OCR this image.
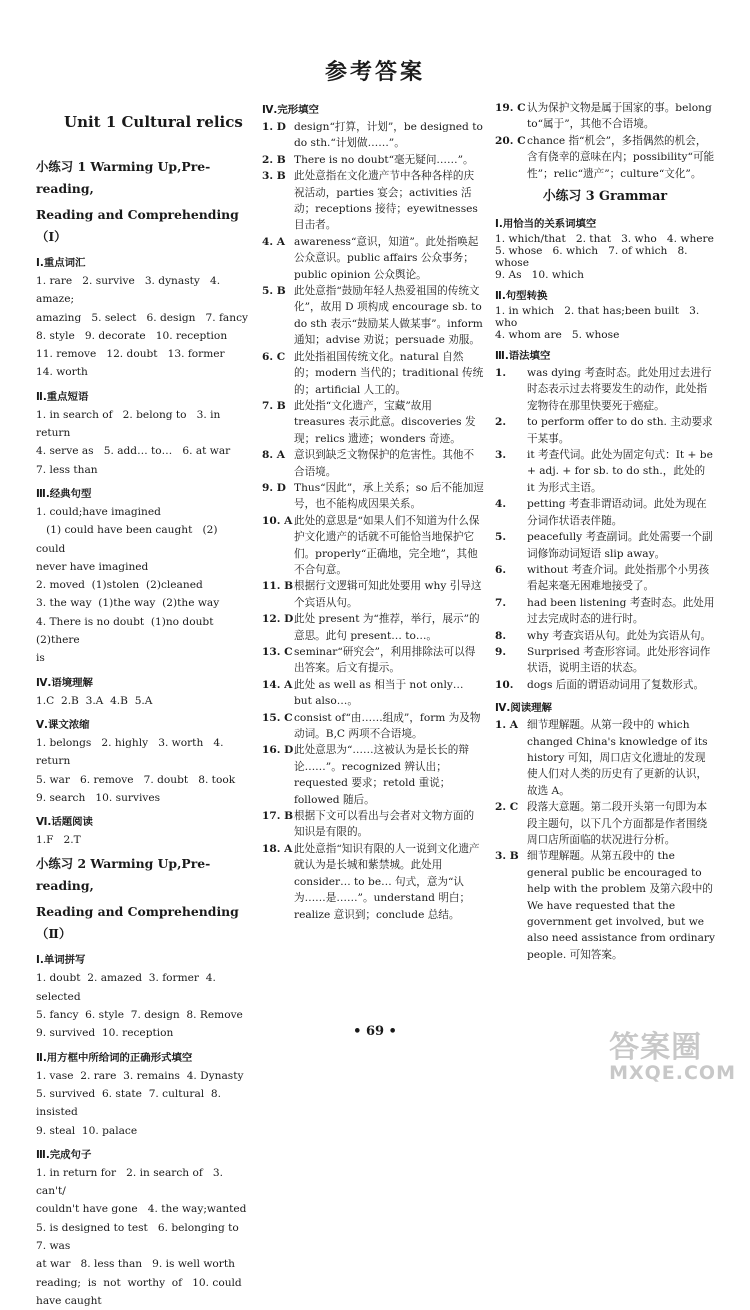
参考答案
Unit 1 Cultural relics
小练习 1 Warming Up,Pre-reading,
Reading and Comprehending（Ⅰ）
Ⅰ.重点词汇
1. rare   2. survive   3. dynasty   4. amaze;
amazing   5. select   6. design   7. fancy
8. style   9. decorate   10. reception
11. remove   12. doubt   13. former
14. worth
Ⅱ.重点短语
1. in search of   2. belong to   3. in return
4. serve as   5. add… to…   6. at war
7. less than
Ⅲ.经典句型
1. could;have imagined
(1) could have been caught   (2) could
never have imagined
2. moved  (1)stolen  (2)cleaned
3. the way  (1)the way  (2)the way
4. There is no doubt  (1)no doubt  (2)there
is
Ⅳ.语境理解
1.C  2.B  3.A  4.B  5.A
Ⅴ.课文浓缩
1. belongs   2. highly   3. worth   4. return
5. war   6. remove   7. doubt   8. took
9. search   10. survives
Ⅵ.话题阅读
1.F   2.T
小练习 2 Warming Up,Pre-reading,
Reading and Comprehending（Ⅱ）
Ⅰ.单词拼写
1. doubt  2. amazed  3. former  4. selected
5. fancy  6. style  7. design  8. Remove
9. survived  10. reception
Ⅱ.用方框中所给词的正确形式填空
1. vase  2. rare  3. remains  4. Dynasty
5. survived  6. state  7. cultural  8. insisted
9. steal  10. palace
Ⅲ.完成句子
1. in return for   2. in search of   3. can't/
couldn't have gone   4. the way;wanted
5. is designed to test   6. belonging to   7. was
at war   8. less than   9. is well worth
reading;  is  not  worthy  of   10. could
have caught
Ⅳ.完形填空
1. D design“打算，计划”，be designed to do sth.“计划做……”。
2. B There is no doubt“毫无疑问……”。
3. B 此处意指在文化遗产节中各种各样的庆祝活动，parties 宴会；activities 活动；receptions 接待；eyewitnesses 目击者。
4. A awareness“意识，知道”。此处指唤起公众意识。public affairs 公众事务；public opinion 公众舆论。
5. B 此处意指“鼓励年轻人热爱祖国的传统文化”，故用 D 项构成 encourage sb. to do sth 表示“鼓励某人做某事”。inform 通知；advise 劝说；persuade 劝服。
6. C 此处指祖国传统文化。natural 自然的；modern 当代的；traditional 传统的；artificial 人工的。
7. B 此处指“文化遗产，宝藏”故用 treasures 表示此意。discoveries 发现；relics 遗迹；wonders 奇迹。
8. A 意识到缺乏文物保护的危害性。其他不合语境。
9. D Thus“因此”，承上关系；so 后不能加逗号，也不能构成因果关系。
10. A 此处的意思是“如果人们不知道为什么保护文化遗产的话就不可能恰当地保护它们。properly“正确地，完全地”，其他不合句意。
11. B 根据行文逻辑可知此处要用 why 引导这个宾语从句。
12. D 此处 present 为“推荐，举行，展示”的意思。此句 present… to…。
13. C seminar“研究会”，利用排除法可以得出答案。后文有提示。
14. A 此处 as well as 相当于 not only… but also…。
15. C consist of“由……组成”，form 为及物动词。B,C 两项不合语境。
16. D 此处意思为“……这被认为是长长的辩论……”。recognized 辨认出；requested 要求；retold 重说；followed 随后。
17. B 根据下文可以看出与会者对文物方面的知识是有限的。
18. A 此处意指“知识有限的人一说到文化遗产就认为是长城和紫禁城。此处用 consider… to be… 句式，意为“认为……是……”。understand 明白；realize 意识到；conclude 总结。
19. C 认为保护文物是属于国家的事。belong to“属于”，其他不合语境。
20. C chance 指“机会”，多指偶然的机会，含有侥幸的意味在内；possibility“可能性”；relic“遗产”；culture“文化”。
小练习 3 Grammar
Ⅰ.用恰当的关系词填空
1. which/that   2. that   3. who   4. where
5. whose   6. which   7. of which   8. whose
9. As   10. which
Ⅱ.句型转换
1. in which   2. that has;been built   3. who
4. whom are   5. whose
Ⅲ.语法填空
1.	was dying 考查时态。此处用过去进行时态表示过去将要发生的动作，此处指宠物待在那里快要死于癌症。
2.	to perform offer to do sth. 主动要求干某事。
3.	it 考查代词。此处为固定句式：It + be + adj. + for sb. to do sth.，此处的 it 为形式主语。
4.	petting 考查非谓语动词。此处为现在分词作状语表伴随。
5.	peacefully 考查副词。此处需要一个副词修饰动词短语 slip away。
6.	without 考查介词。此处指那个小男孩看起来毫无困难地接受了。
7.	had been listening 考查时态。此处用过去完成时态的进行时。
8.	why 考查宾语从句。此处为宾语从句。
9.	Surprised 考查形容词。此处形容词作状语，说明主语的状态。
10.	dogs 后面的谓语动词用了复数形式。
Ⅳ.阅读理解
1. A 细节理解题。从第一段中的 which changed China's knowledge of its history 可知，周口店文化遗址的发现使人们对人类的历史有了更新的认识，故选 A。
2. C 段落大意题。第二段开头第一句即为本段主题句，以下几个方面都是作者围绕周口店所面临的状况进行分析。
3. B 细节理解题。从第五段中的 the general public be encouraged to help with the problem 及第六段中的 We have requested that the government get involved, but we also need assistance from ordinary people. 可知答案。
• 69 •	答案圈
MXQE.COM
